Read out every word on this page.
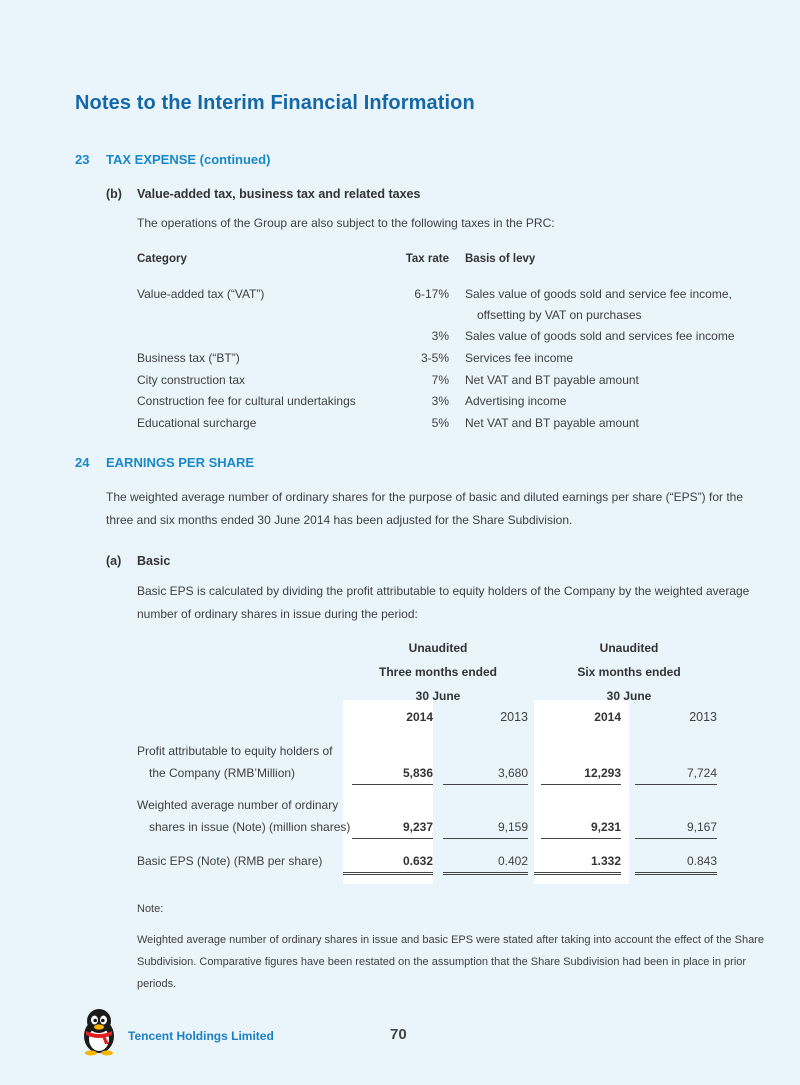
Notes to the Interim Financial Information
23 TAX EXPENSE (continued)
(b) Value-added tax, business tax and related taxes
The operations of the Group are also subject to the following taxes in the PRC:
Category	Tax rate Basis of levy
Value-added tax (“VAT”)	6-17% Sales value of goods sold and service fee income,
offsetting by VAT on purchases
3% Sales value of goods sold and services fee income
Business tax (“BT”)	3-5% Services fee income
City construction tax	7% Net VAT and BT payable amount
Construction fee for cultural undertakings	3% Advertising income
Educational surcharge	5% Net VAT and BT payable amount
24 EARNINGS PER SHARE
The weighted average number of ordinary shares for the purpose of basic and diluted earnings per share (“EPS”) for the
three and six months ended 30 June 2014 has been adjusted for the Share Subdivision.
(a) Basic
Basic EPS is calculated by dividing the profit attributable to equity holders of the Company by the weighted average
number of ordinary shares in issue during the period:
Unaudited
Three months ended
30 June
Unaudited
Six months ended
30 June
2014	2013	2014	2013
Profit attributable to equity holders of
the Company (RMB’Million)	5,836	3,680	12,293	7,724
Weighted average number of ordinary
shares in issue (Note) (million shares)	9,237	9,159	9,231	9,167
Basic EPS (Note) (RMB per share)	0.632	0.402	1.332	0.843
Note:
Weighted average number of ordinary shares in issue and basic EPS were stated after taking into account the effect of the Share
Subdivision. Comparative figures have been restated on the assumption that the Share Subdivision had been in place in prior
periods.
Tencent Holdings Limited	70
